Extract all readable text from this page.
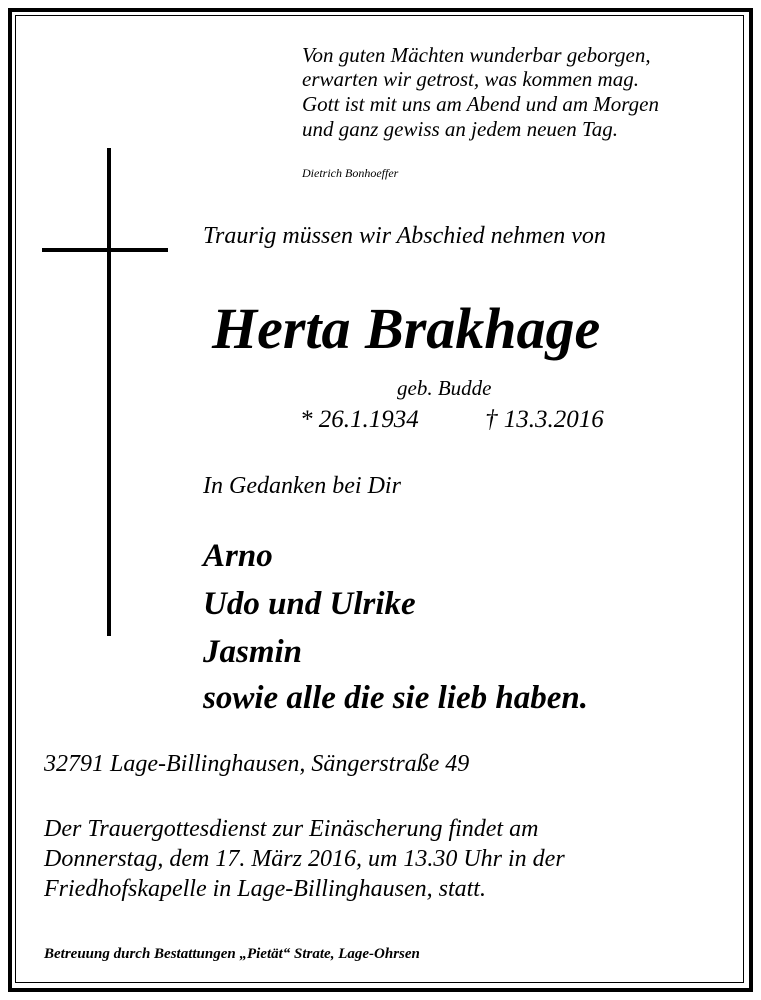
Von guten Mächten wunderbar geborgen,
erwarten wir getrost, was kommen mag.
Gott ist mit uns am Abend und am Morgen
und ganz gewiss an jedem neuen Tag.
Dietrich Bonhoeffer
Traurig müssen wir Abschied nehmen von
Herta Brakhage
geb. Budde
* 26.1.1934	† 13.3.2016
In Gedanken bei Dir
Arno
Udo und Ulrike
Jasmin
sowie alle die sie lieb haben.
32791 Lage-Billinghausen, Sängerstraße 49
Der Trauergottesdienst zur Einäscherung findet am
Donnerstag, dem 17. März 2016, um 13.30 Uhr in der
Friedhofskapelle in Lage-Billinghausen, statt.
Betreuung durch Bestattungen „Pietät“ Strate, Lage-Ohrsen
